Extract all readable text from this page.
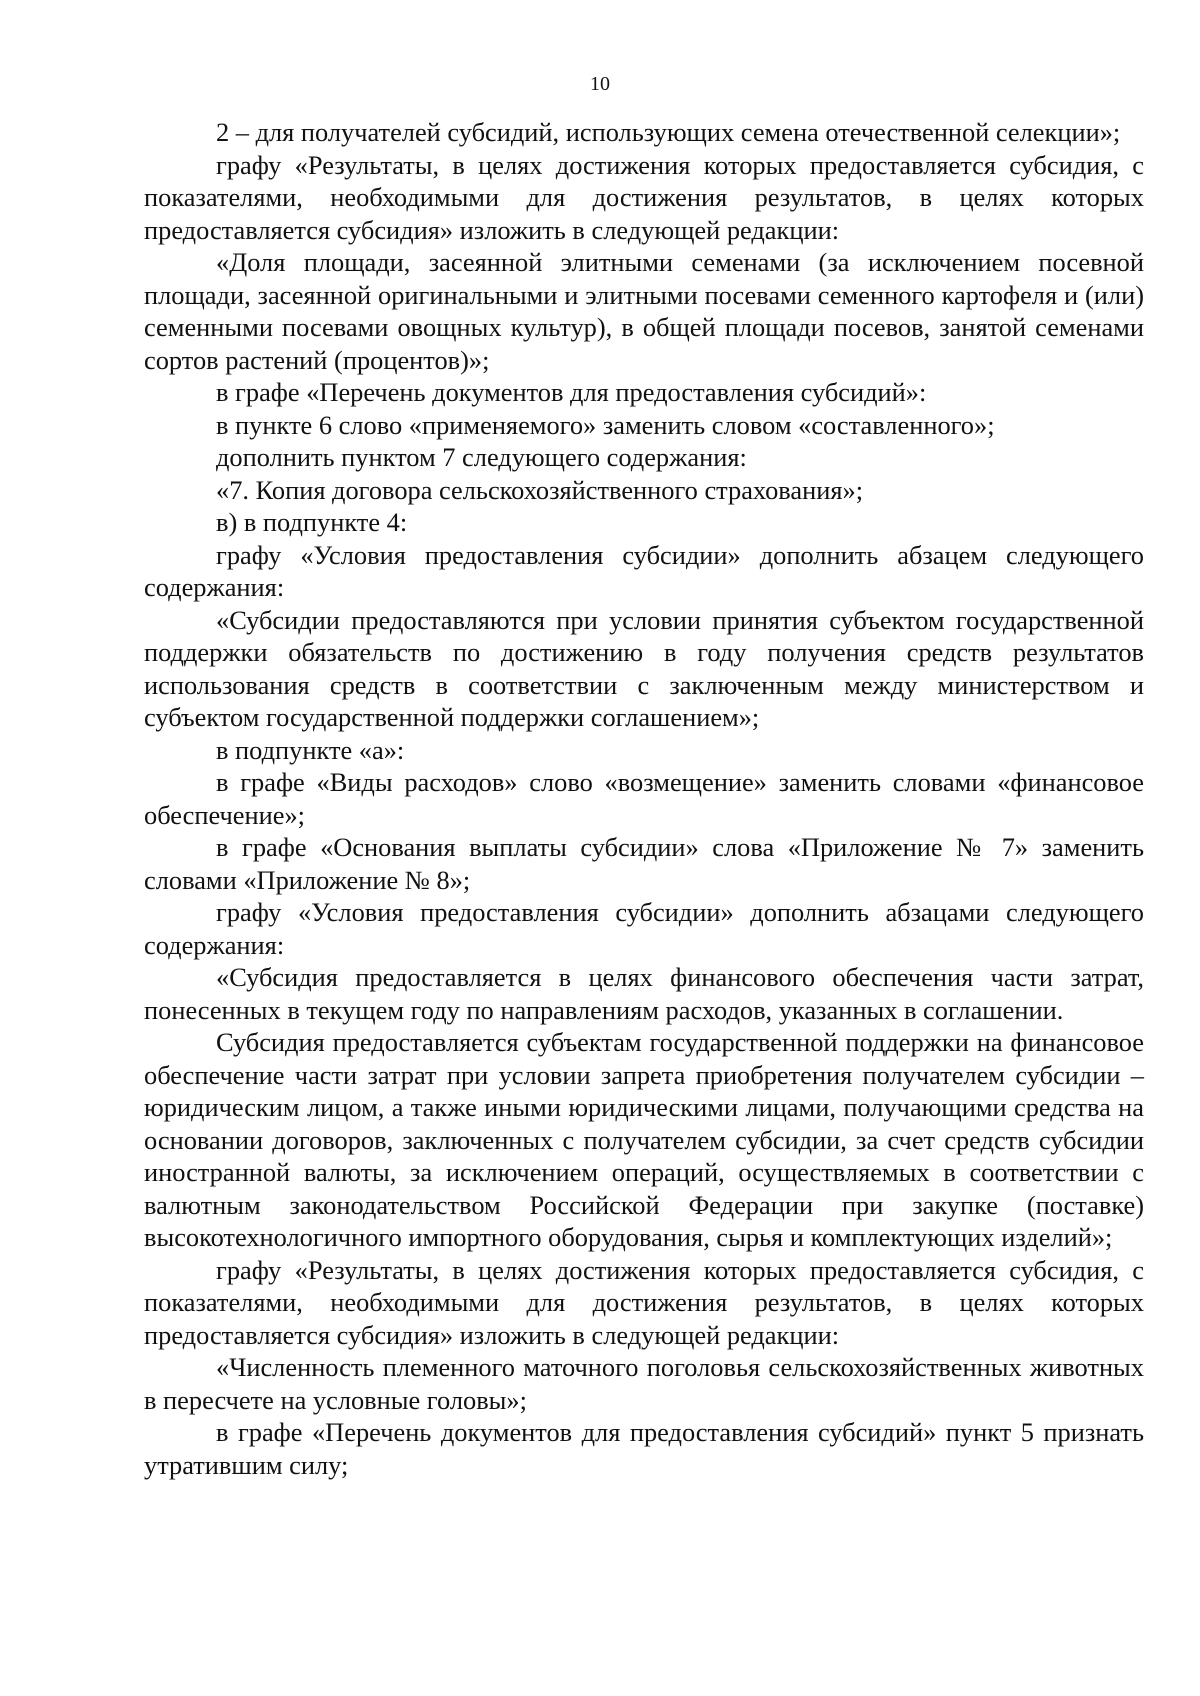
10

2 – для получателей субсидий, использующих семена отечественной селекции»;

графу «Результаты, в целях достижения которых предоставляется субсидия, с показателями, необходимыми для достижения результатов, в целях которых предоставляется субсидия» изложить в следующей редакции:

«Доля площади, засеянной элитными семенами (за исключением посевной площади, засеянной оригинальными и элитными посевами семенного картофеля и (или) семенными посевами овощных культур), в общей площади посевов, занятой семенами сортов растений (процентов)»;

в графе «Перечень документов для предоставления субсидий»:

в пункте 6 слово «применяемого» заменить словом «составленного»;

дополнить пунктом 7 следующего содержания:

«7. Копия договора сельскохозяйственного страхования»;

в) в подпункте 4:

графу «Условия предоставления субсидии» дополнить абзацем следующего содержания:

«Субсидии предоставляются при условии принятия субъектом государственной поддержки обязательств по достижению в году получения средств результатов использования средств в соответствии с заключенным между министерством и субъектом государственной поддержки соглашением»;

в подпункте «а»:

в графе «Виды расходов» слово «возмещение» заменить словами «финансовое обеспечение»;

в графе «Основания выплаты субсидии» слова «Приложение № 7» заменить словами «Приложение № 8»;

графу «Условия предоставления субсидии» дополнить абзацами следующего содержания:

«Субсидия предоставляется в целях финансового обеспечения части затрат, понесенных в текущем году по направлениям расходов, указанных в соглашении.

Субсидия предоставляется субъектам государственной поддержки на финансовое обеспечение части затрат при условии запрета приобретения получателем субсидии – юридическим лицом, а также иными юридическими лицами, получающими средства на основании договоров, заключенных с получателем субсидии, за счет средств субсидии иностранной валюты, за исключением операций, осуществляемых в соответствии с валютным законодательством Российской Федерации при закупке (поставке) высокотехнологичного импортного оборудования, сырья и комплектующих изделий»;

графу «Результаты, в целях достижения которых предоставляется субсидия, с показателями, необходимыми для достижения результатов, в целях которых предоставляется субсидия» изложить в следующей редакции:

«Численность племенного маточного поголовья сельскохозяйственных животных в пересчете на условные головы»;

в графе «Перечень документов для предоставления субсидий» пункт 5 признать утратившим силу;
